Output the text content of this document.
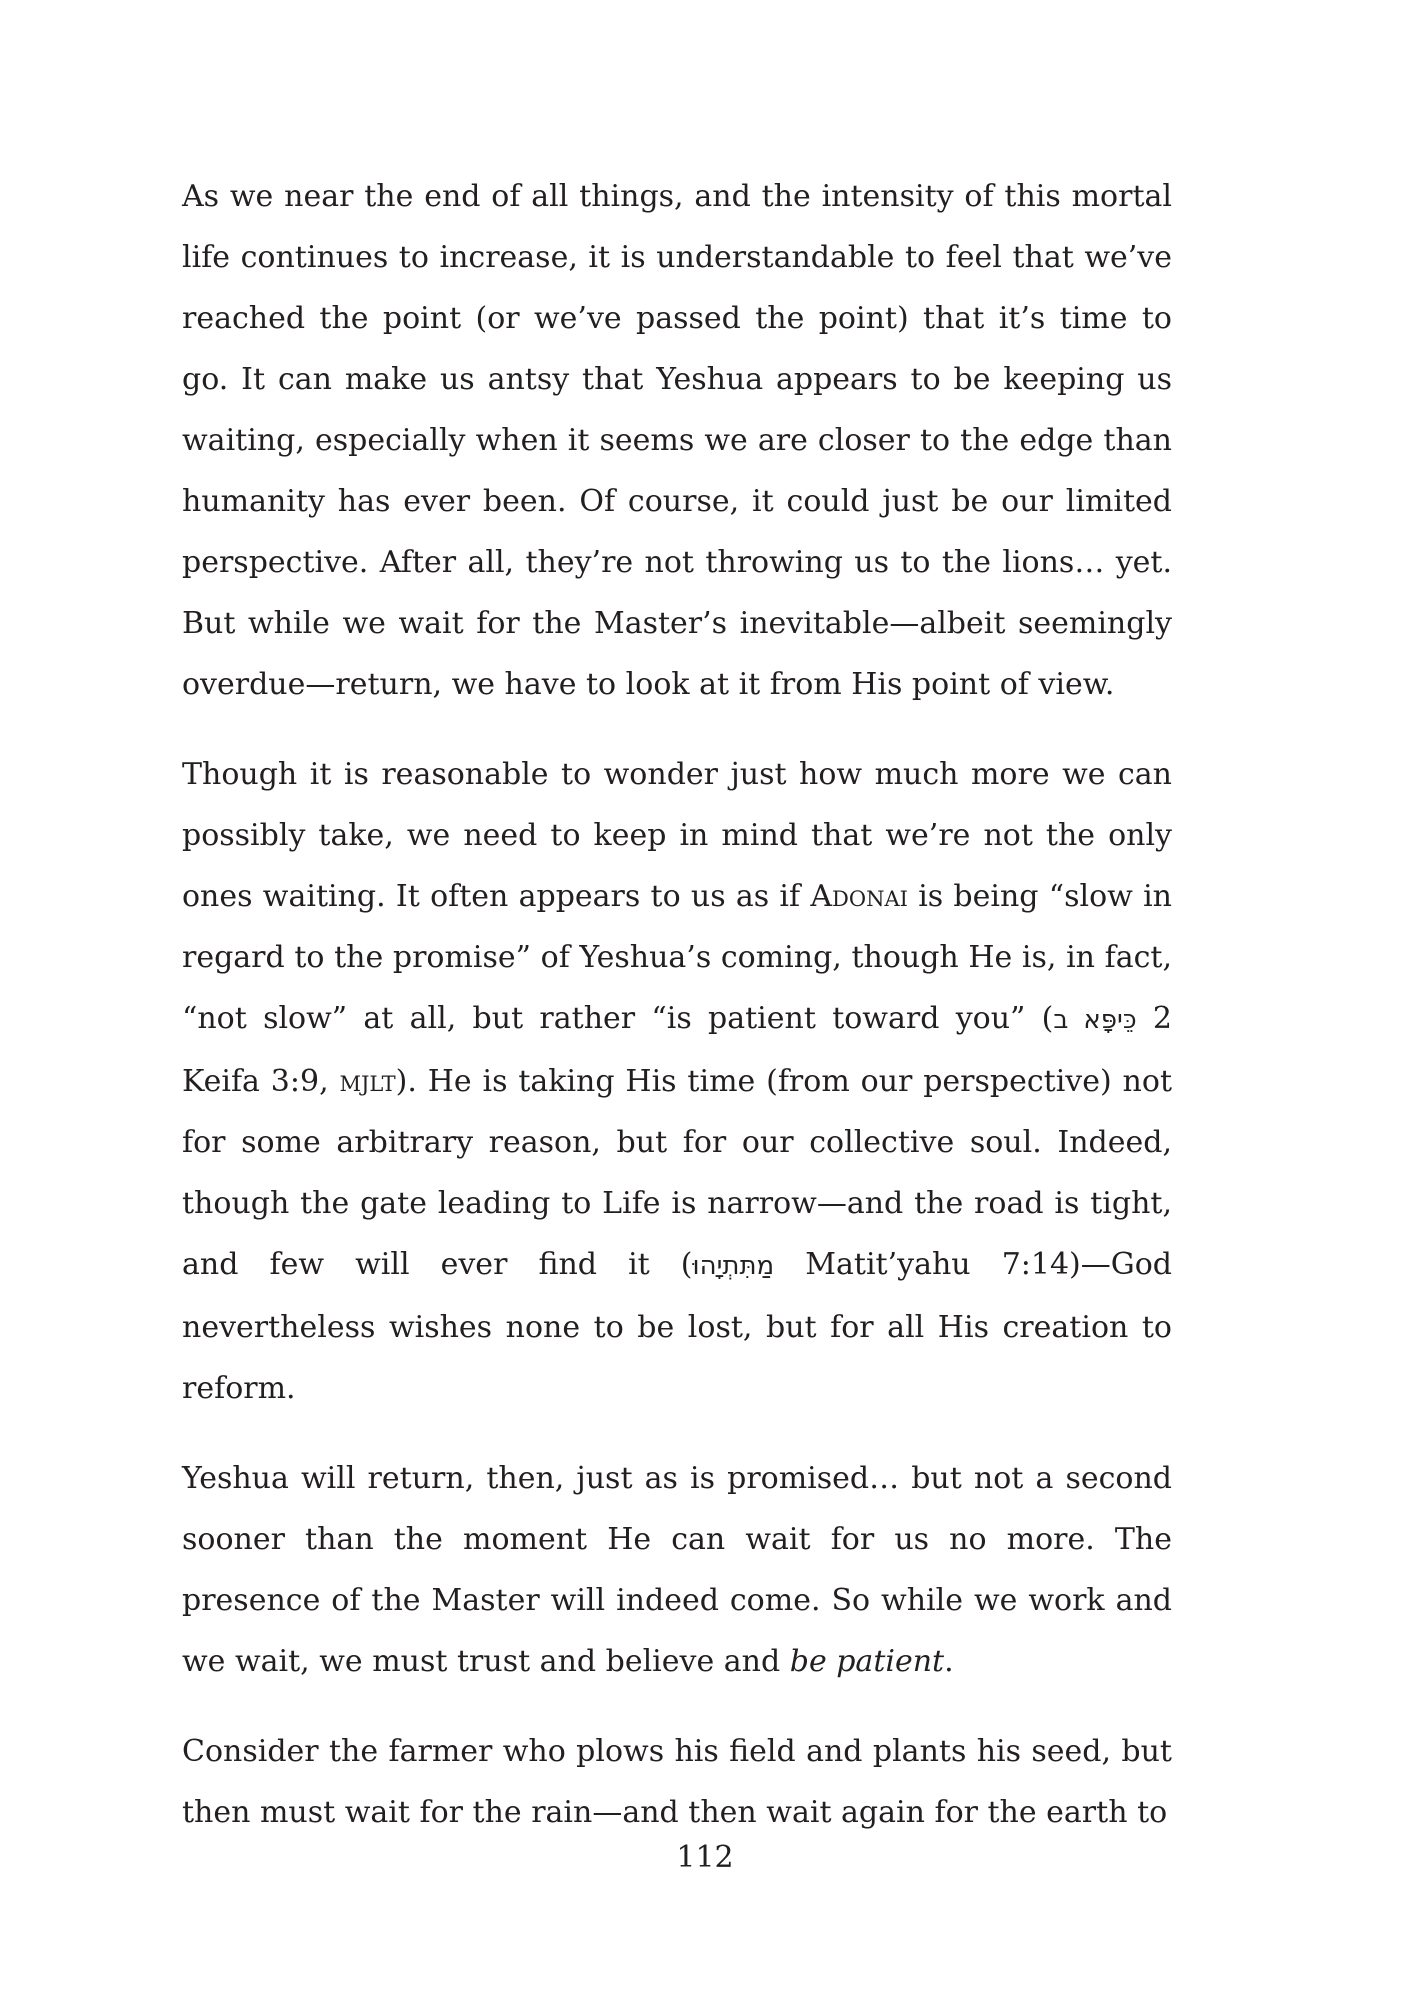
As we near the end of all things, and the intensity of this mortal life continues to increase, it is understandable to feel that we’ve reached the point (or we’ve passed the point) that it’s time to go. It can make us antsy that Yeshua appears to be keeping us waiting, especially when it seems we are closer to the edge than humanity has ever been. Of course, it could just be our limited perspective. After all, they’re not throwing us to the lions… yet. But while we wait for the Master’s inevitable—albeit seemingly overdue—return, we have to look at it from His point of view.

Though it is reasonable to wonder just how much more we can possibly take, we need to keep in mind that we’re not the only ones waiting. It often appears to us as if Adonai is being “slow in regard to the promise” of Yeshua’s coming, though He is, in fact, “not slow” at all, but rather “is patient toward you” (כֵּיפָּא ב 2 Keifa 3:9, mjlt). He is taking His time (from our perspective) not for some arbitrary reason, but for our collective soul. Indeed, though the gate leading to Life is narrow—and the road is tight, and few will ever find it (מַתִּתְיָהוּ Matit’yahu 7:14)—God nevertheless wishes none to be lost, but for all His creation to reform.

Yeshua will return, then, just as is promised… but not a second sooner than the moment He can wait for us no more. The presence of the Master will indeed come. So while we work and we wait, we must trust and believe and be patient.

Consider the farmer who plows his field and plants his seed, but then must wait for the rain—and then wait again for the earth to

112
